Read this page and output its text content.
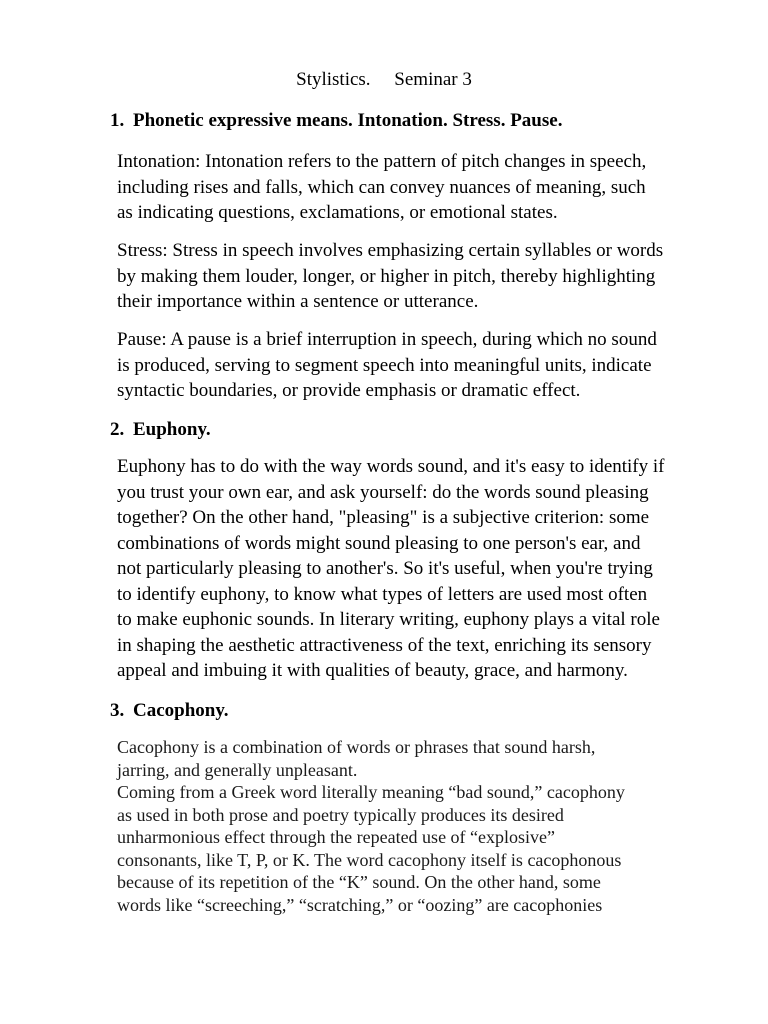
Stylistics.     Seminar 3
1. Phonetic expressive means. Intonation. Stress. Pause.
Intonation: Intonation refers to the pattern of pitch changes in speech,
including rises and falls, which can convey nuances of meaning, such
as indicating questions, exclamations, or emotional states.
Stress: Stress in speech involves emphasizing certain syllables or words
by making them louder, longer, or higher in pitch, thereby highlighting
their importance within a sentence or utterance.
Pause: A pause is a brief interruption in speech, during which no sound
is produced, serving to segment speech into meaningful units, indicate
syntactic boundaries, or provide emphasis or dramatic effect.
2. Euphony.
Euphony has to do with the way words sound, and it's easy to identify if
you trust your own ear, and ask yourself: do the words sound pleasing
together? On the other hand, "pleasing" is a subjective criterion: some
combinations of words might sound pleasing to one person's ear, and
not particularly pleasing to another's. So it's useful, when you're trying
to identify euphony, to know what types of letters are used most often
to make euphonic sounds. In literary writing, euphony plays a vital role
in shaping the aesthetic attractiveness of the text, enriching its sensory
appeal and imbuing it with qualities of beauty, grace, and harmony.
3. Cacophony.
Cacophony is a combination of words or phrases that sound harsh,
jarring, and generally unpleasant.
Coming from a Greek word literally meaning “bad sound,” cacophony
as used in both prose and poetry typically produces its desired
unharmonious effect through the repeated use of “explosive”
consonants, like T, P, or K. The word cacophony itself is cacophonous
because of its repetition of the “K” sound. On the other hand, some
words like “screeching,” “scratching,” or “oozing” are cacophonies
